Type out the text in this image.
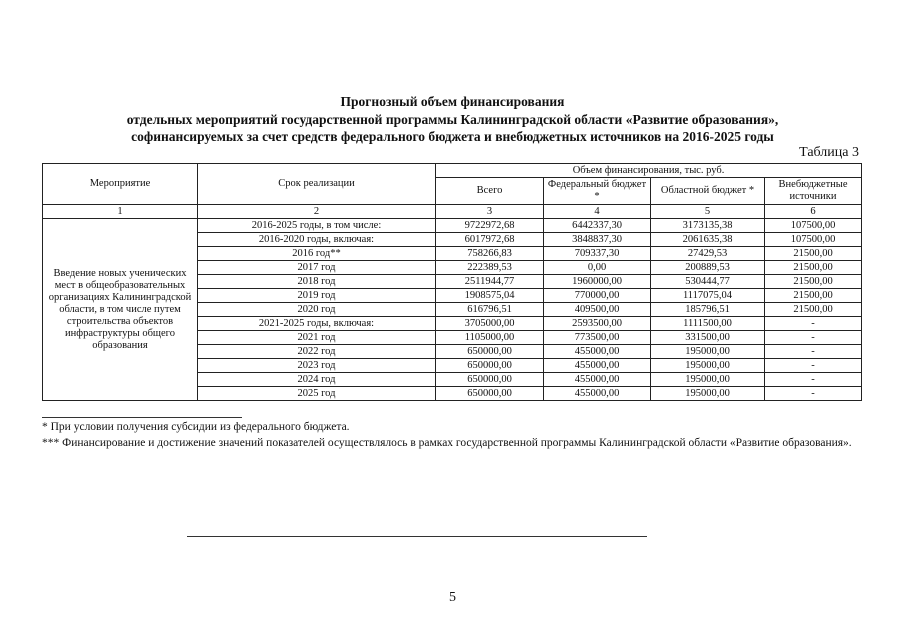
Прогнозный объем финансирования
отдельных мероприятий государственной программы Калининградской области «Развитие образования»,
софинансируемых за счет средств федерального бюджета и внебюджетных источников на 2016-2025 годы
Таблица 3
Мероприятие	Срок реализации	Объем финансирования, тыс. руб.			
		Всего	Федеральный бюджет *	Областной бюджет *	Внебюджетные источники
1	2	3	4	5	6
Введение новых ученических мест в общеобразовательных организациях Калининградской области, в том числе путем строительства объектов инфраструктуры общего образования	2016-2025 годы, в том числе:	9722972,68	6442337,30	3173135,38	107500,00
	2016-2020 годы, включая:	6017972,68	3848837,30	2061635,38	107500,00
	2016 год**	758266,83	709337,30	27429,53	21500,00
	2017 год	222389,53	0,00	200889,53	21500,00
	2018 год	2511944,77	1960000,00	530444,77	21500,00
	2019 год	1908575,04	770000,00	1117075,04	21500,00
	2020 год	616796,51	409500,00	185796,51	21500,00
	2021-2025 годы, включая:	3705000,00	2593500,00	1111500,00	-
	2021 год	1105000,00	773500,00	331500,00	-
	2022 год	650000,00	455000,00	195000,00	-
	2023 год	650000,00	455000,00	195000,00	-
	2024 год	650000,00	455000,00	195000,00	-
	2025 год	650000,00	455000,00	195000,00	-
* При условии получения субсидии из федерального бюджета.
*** Финансирование и достижение значений показателей осуществлялось в рамках государственной программы Калининградской области «Развитие образования».
5
